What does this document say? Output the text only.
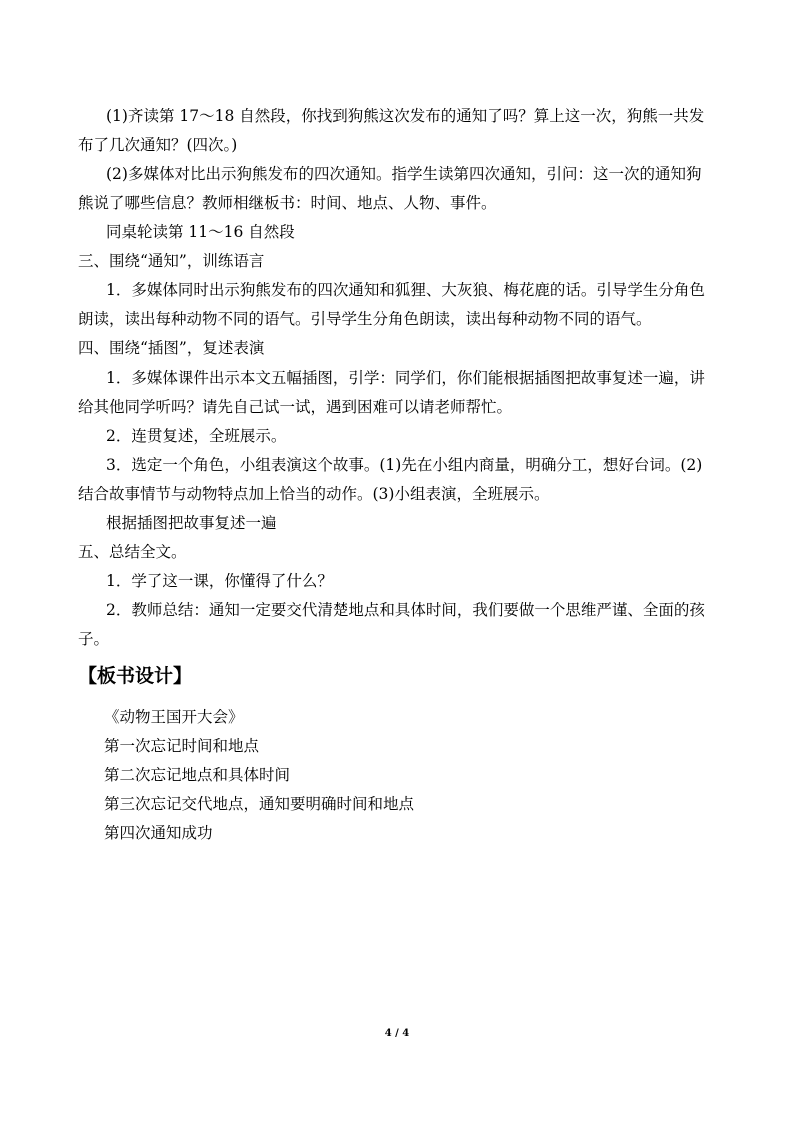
(1)齐读第 17～18 自然段，你找到狗熊这次发布的通知了吗？算上这一次，狗熊一共发
布了几次通知？(四次。)
(2)多媒体对比出示狗熊发布的四次通知。指学生读第四次通知，引问：这一次的通知狗
熊说了哪些信息？教师相继板书：时间、地点、人物、事件。
同桌轮读第 11～16 自然段
三、围绕“通知”，训练语言
1．多媒体同时出示狗熊发布的四次通知和狐狸、大灰狼、梅花鹿的话。引导学生分角色
朗读，读出每种动物不同的语气。引导学生分角色朗读，读出每种动物不同的语气。
四、围绕“插图”，复述表演
1．多媒体课件出示本文五幅插图，引学：同学们，你们能根据插图把故事复述一遍，讲
给其他同学听吗？请先自己试一试，遇到困难可以请老师帮忙。
2．连贯复述，全班展示。
3．选定一个角色，小组表演这个故事。(1)先在小组内商量，明确分工，想好台词。(2)
结合故事情节与动物特点加上恰当的动作。(3)小组表演，全班展示。
根据插图把故事复述一遍
五、总结全文。
1．学了这一课，你懂得了什么？
2．教师总结：通知一定要交代清楚地点和具体时间，我们要做一个思维严谨、全面的孩
子。
【板书设计】
《动物王国开大会》
第一次忘记时间和地点
第二次忘记地点和具体时间
第三次忘记交代地点，通知要明确时间和地点
第四次通知成功
4 / 4
